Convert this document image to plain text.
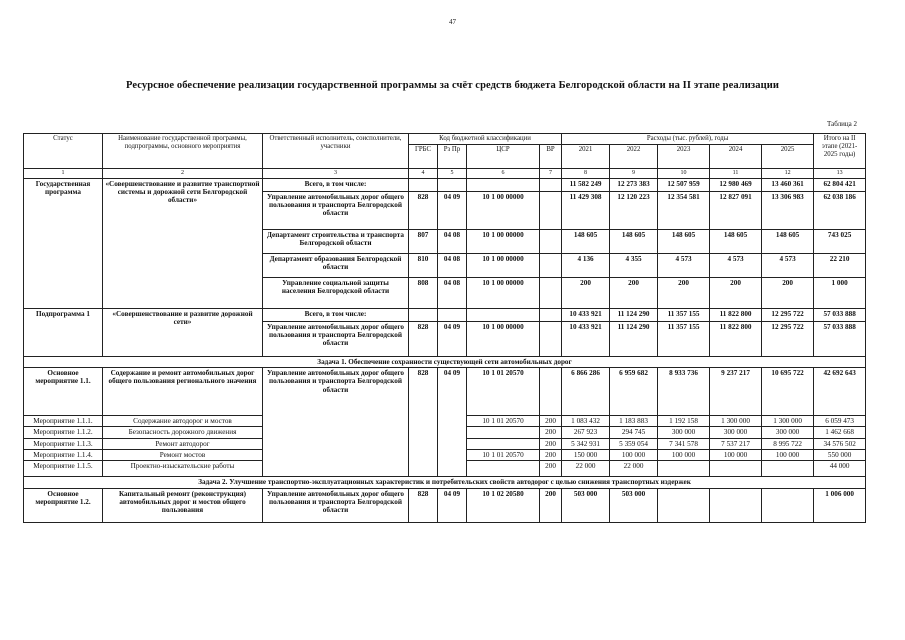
47
Ресурсное обеспечение реализации государственной программы за счёт средств бюджета Белгородской области на II этапе реализации
Таблица 2
Статус	Наименование государственной программы, подпрограммы, основного мероприятия	Ответственный исполнитель, соисполнители, участники	Код бюджетной классификации				Расходы (тыс. рублей), годы					Итого на II этапе (2021-2025 годы)
			ГРБС	Рз Пр	ЦСР	ВР	2021	2022	2023	2024	2025	
1	2	3	4	5	6	7	8	9	10	11	12	13
Государственная программа	«Совершенствование и развитие транспортной системы и дорожной сети Белгородской области»	Всего, в том числе:					11 582 249	12 273 383	12 507 959	12 980 469	13 460 361	62 804 421
		Управление автомобильных дорог общего пользования и транспорта Белгородской области	828	04 09	10 1 00 00000		11 429 308	12 120 223	12 354 581	12 827 091	13 306 983	62 038 186
		Департамент строительства и транспорта Белгородской области	807	04 08	10 1 00 00000		148 605	148 605	148 605	148 605	148 605	743 025
		Департамент образования Белгородской области	810	04 08	10 1 00 00000		4 136	4 355	4 573	4 573	4 573	22 210
		Управление социальной защиты населения Белгородской области	808	04 08	10 1 00 00000		200	200	200	200	200	1 000
Подпрограмма 1	«Совершенствование и развитие дорожной сети»	Всего, в том числе:					10 433 921	11 124 290	11 357 155	11 822 800	12 295 722	57 033 888
		Управление автомобильных дорог общего пользования и транспорта Белгородской области	828	04 09	10 1 00 00000		10 433 921	11 124 290	11 357 155	11 822 800	12 295 722	57 033 888
Задача 1. Обеспечение сохранности существующей сети автомобильных дорог												
Основное мероприятие 1.1.	Содержание и ремонт автомобильных дорог общего пользования регионального значения	Управление автомобильных дорог общего пользования и транспорта Белгородской области	828	04 09	10 1 01 20570		6 866 286	6 959 682	8 933 736	9 237 217	10 695 722	42 692 643
Мероприятие 1.1.1.	Содержание автодорог и мостов				10 1 01 20570	200	1 083 432	1 183 883	1 192 158	1 300 000	1 300 000	6 059 473
Мероприятие 1.1.2.	Безопасность дорожного движения					200	267 923	294 745	300 000	300 000	300 000	1 462 668
Мероприятие 1.1.3.	Ремонт автодорог					200	5 342 931	5 359 054	7 341 578	7 537 217	8 995 722	34 576 502
Мероприятие 1.1.4.	Ремонт мостов				10 1 01 20570	200	150 000	100 000	100 000	100 000	100 000	550 000
Мероприятие 1.1.5.	Проектно-изыскательские работы					200	22 000	22 000				44 000
Задача 2. Улучшение транспортно-эксплуатационных характеристик и потребительских свойств автодорог с целью снижения транспортных издержек												
Основное мероприятие 1.2.	Капитальный ремонт (реконструкция) автомобильных дорог и мостов общего пользования	Управление автомобильных дорог общего пользования и транспорта Белгородской области	828	04 09	10 1 02 20580	200	503 000	503 000				1 006 000
